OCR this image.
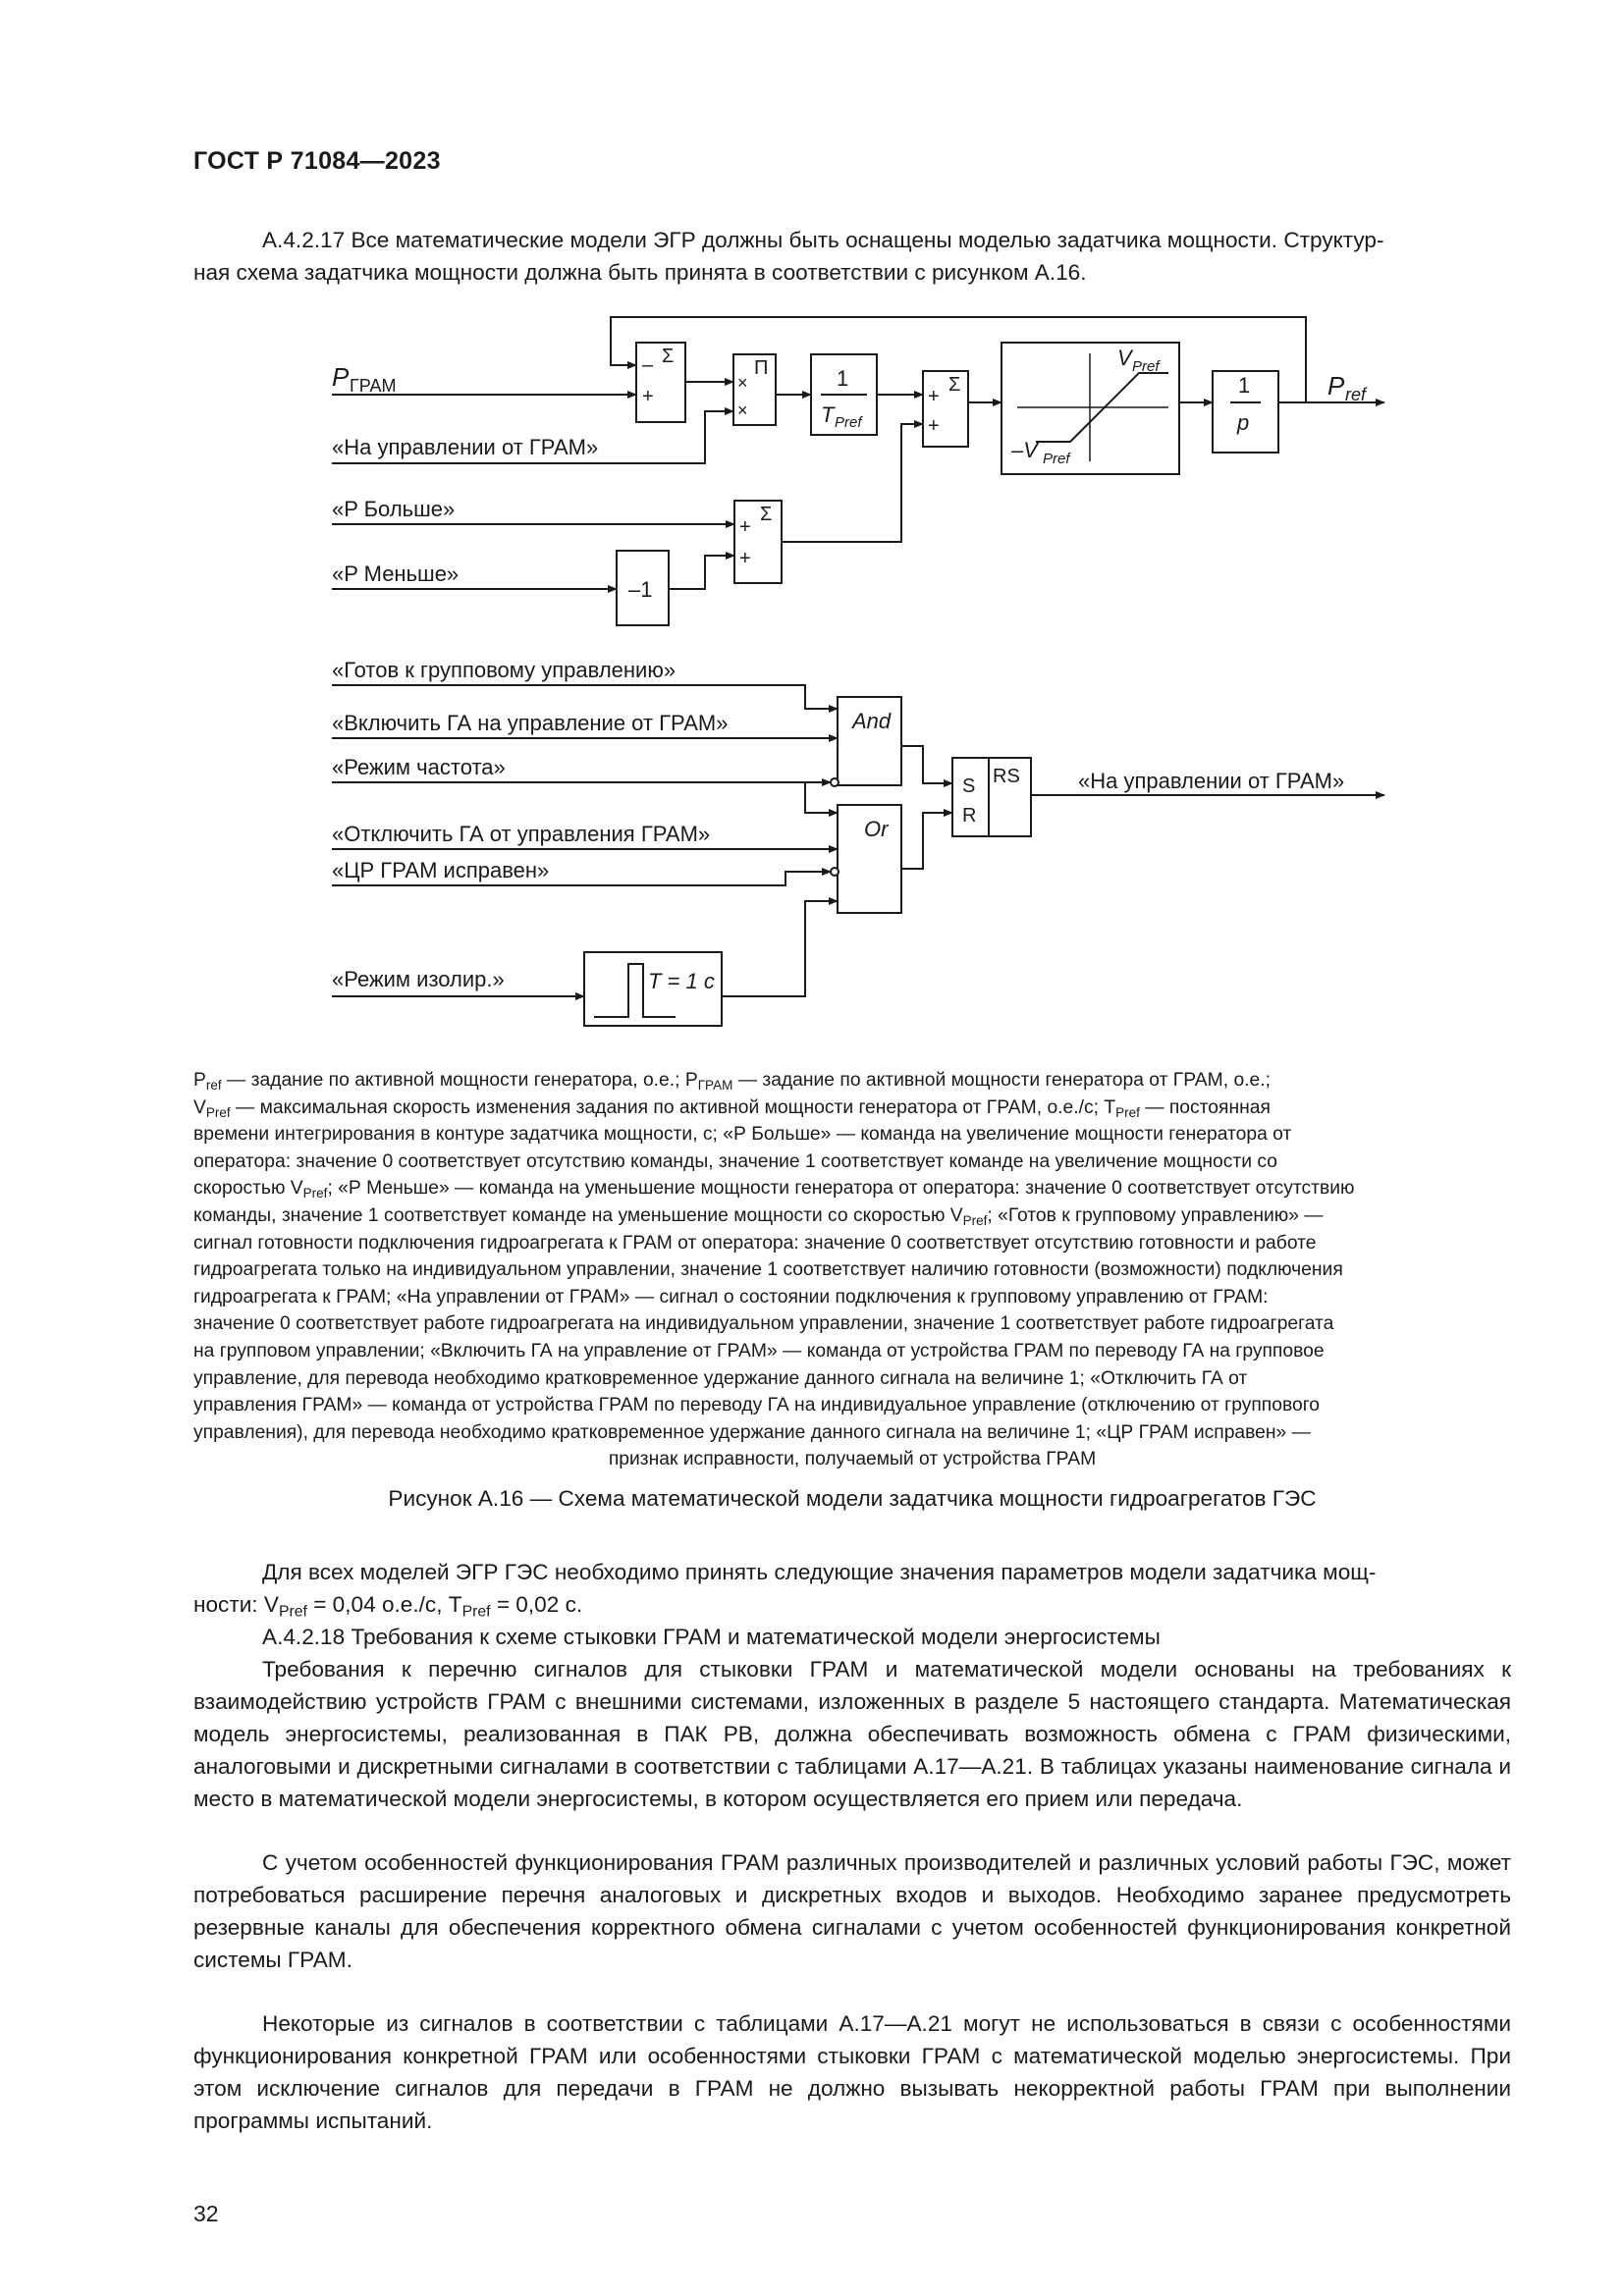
ГОСТ Р 71084—2023

А.4.2.17 Все математические модели ЭГР должны быть оснащены моделью задатчика мощности. Структур-
ная схема задатчика мощности должна быть принята в соответствии с рисунком А.16.

P ГРАМ
«На управлении от ГРАМ»
«P Больше»
«P Меньше»
Σ
–
+
Π
×
×
1
T Pref
Σ
+
+
V Pref
–V Pref
1
p
P ref
Σ
+
+
–1
«Готов к групповому управлению»
«Включить ГА на управление от ГРАМ»
«Режим частота»
«Отключить ГА от управления ГРАМ»
«ЦР ГРАМ исправен»
«Режим изолир.»
And
Or
RS
S
R
T = 1 с
«На управлении от ГРАМ»

$P_{ref}$ — задание по активной мощности генератора, о.е.; $P_{ГРАМ}$ — задание по активной мощности генератора от ГРАМ, о.е.;
$V_{Pref}$ — максимальная скорость изменения задания по активной мощности генератора от ГРАМ, о.е./с; $T_{Pref}$ — постоянная
времени интегрирования в контуре задатчика мощности, с; «Р Больше» — команда на увеличение мощности генератора от
оператора: значение 0 соответствует отсутствию команды, значение 1 соответствует команде на увеличение мощности со
скоростью $V_{Pref}$; «Р Меньше» — команда на уменьшение мощности генератора от оператора: значение 0 соответствует отсутствию
команды, значение 1 соответствует команде на уменьшение мощности со скоростью $V_{Pref}$; «Готов к групповому управлению» —
сигнал готовности подключения гидроагрегата к ГРАМ от оператора: значение 0 соответствует отсутствию готовности и работе
гидроагрегата только на индивидуальном управлении, значение 1 соответствует наличию готовности (возможности) подключения
гидроагрегата к ГРАМ; «На управлении от ГРАМ» — сигнал о состоянии подключения к групповому управлению от ГРАМ:
значение 0 соответствует работе гидроагрегата на индивидуальном управлении, значение 1 соответствует работе гидроагрегата
на групповом управлении; «Включить ГА на управление от ГРАМ» — команда от устройства ГРАМ по переводу ГА на групповое
управление, для перевода необходимо кратковременное удержание данного сигнала на величине 1; «Отключить ГА от
управления ГРАМ» — команда от устройства ГРАМ по переводу ГА на индивидуальное управление (отключению от группового
управления), для перевода необходимо кратковременное удержание данного сигнала на величине 1; «ЦР ГРАМ исправен» —
признак исправности, получаемый от устройства ГРАМ

Рисунок А.16 — Схема математической модели задатчика мощности гидроагрегатов ГЭС

Для всех моделей ЭГР ГЭС необходимо принять следующие значения параметров модели задатчика мощ-
ности: $V_{Pref} = 0,04$ о.е./с, $T_{Pref} = 0,02$ с.

А.4.2.18 Требования к схеме стыковки ГРАМ и математической модели энергосистемы

Требования к перечню сигналов для стыковки ГРАМ и математической модели основаны на требованиях к взаимодействию устройств ГРАМ с внешними системами, изложенных в разделе 5 настоящего стандарта. Математическая модель энергосистемы, реализованная в ПАК РВ, должна обеспечивать возможность обмена с ГРАМ физическими, аналоговыми и дискретными сигналами в соответствии с таблицами А.17—А.21. В таблицах указаны наименование сигнала и место в математической модели энергосистемы, в котором осуществляется его прием или передача.

С учетом особенностей функционирования ГРАМ различных производителей и различных условий работы ГЭС, может потребоваться расширение перечня аналоговых и дискретных входов и выходов. Необходимо заранее предусмотреть резервные каналы для обеспечения корректного обмена сигналами с учетом особенностей функционирования конкретной системы ГРАМ.

Некоторые из сигналов в соответствии с таблицами А.17—А.21 могут не использоваться в связи с особенностями функционирования конкретной ГРАМ или особенностями стыковки ГРАМ с математической моделью энергосистемы. При этом исключение сигналов для передачи в ГРАМ не должно вызывать некорректной работы ГРАМ при выполнении программы испытаний.

32
